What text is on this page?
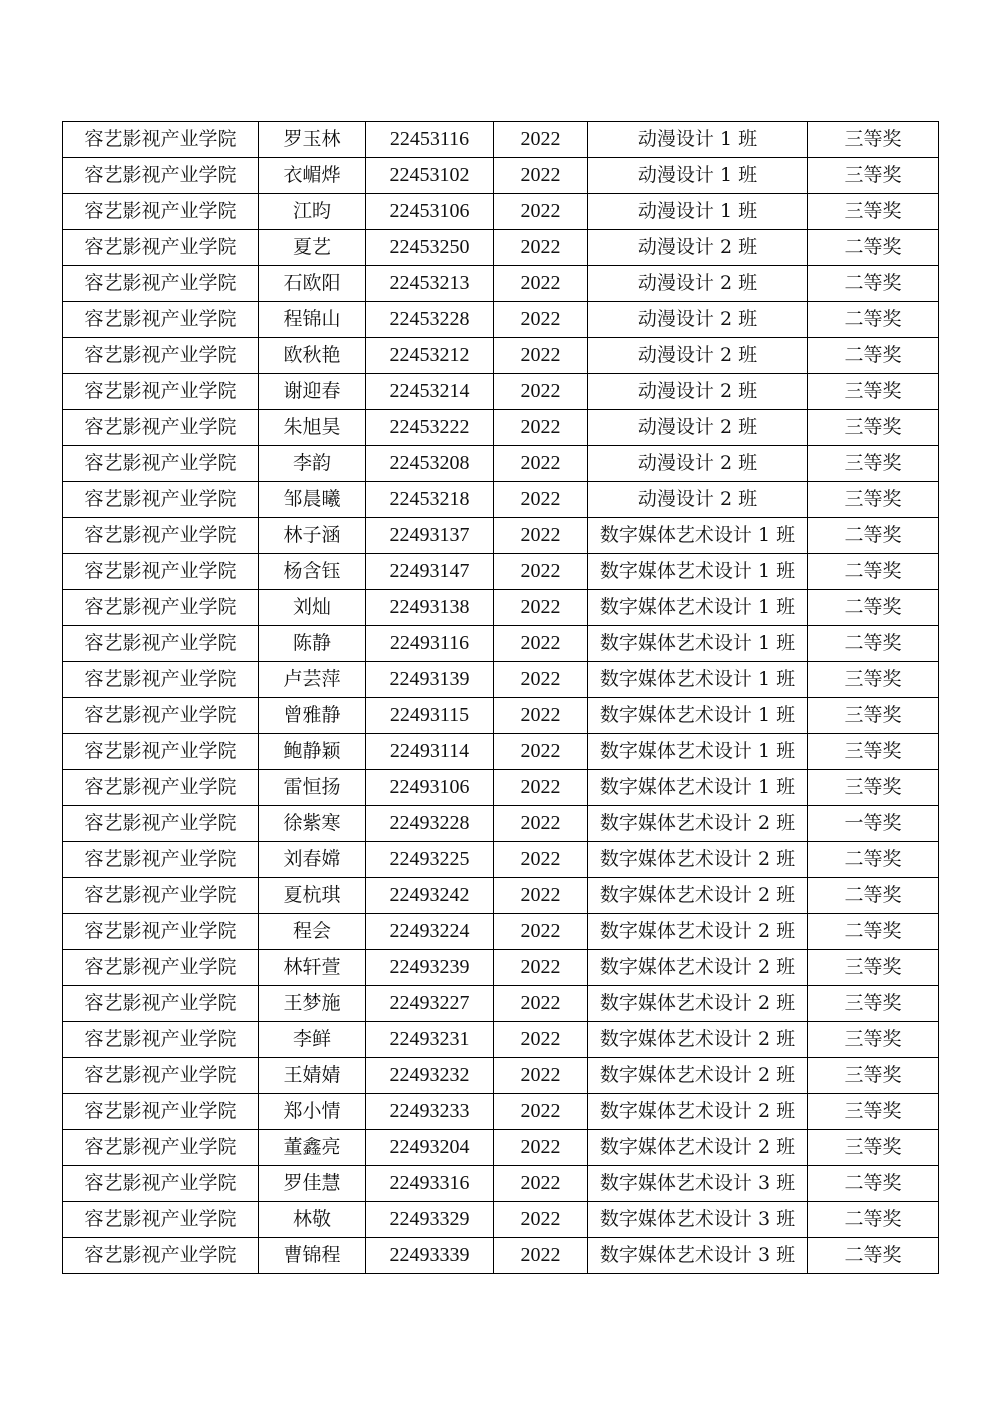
容艺影视产业学院	罗玉林	22453116	2022	动漫设计 1 班	三等奖
容艺影视产业学院	衣嵋烨	22453102	2022	动漫设计 1 班	三等奖
容艺影视产业学院	江昀	22453106	2022	动漫设计 1 班	三等奖
容艺影视产业学院	夏艺	22453250	2022	动漫设计 2 班	二等奖
容艺影视产业学院	石欧阳	22453213	2022	动漫设计 2 班	二等奖
容艺影视产业学院	程锦山	22453228	2022	动漫设计 2 班	二等奖
容艺影视产业学院	欧秋艳	22453212	2022	动漫设计 2 班	二等奖
容艺影视产业学院	谢迎春	22453214	2022	动漫设计 2 班	三等奖
容艺影视产业学院	朱旭昊	22453222	2022	动漫设计 2 班	三等奖
容艺影视产业学院	李韵	22453208	2022	动漫设计 2 班	三等奖
容艺影视产业学院	邹晨曦	22453218	2022	动漫设计 2 班	三等奖
容艺影视产业学院	林子涵	22493137	2022	数字媒体艺术设计 1 班	二等奖
容艺影视产业学院	杨含钰	22493147	2022	数字媒体艺术设计 1 班	二等奖
容艺影视产业学院	刘灿	22493138	2022	数字媒体艺术设计 1 班	二等奖
容艺影视产业学院	陈静	22493116	2022	数字媒体艺术设计 1 班	二等奖
容艺影视产业学院	卢芸萍	22493139	2022	数字媒体艺术设计 1 班	三等奖
容艺影视产业学院	曾雅静	22493115	2022	数字媒体艺术设计 1 班	三等奖
容艺影视产业学院	鲍静颖	22493114	2022	数字媒体艺术设计 1 班	三等奖
容艺影视产业学院	雷恒扬	22493106	2022	数字媒体艺术设计 1 班	三等奖
容艺影视产业学院	徐紫寒	22493228	2022	数字媒体艺术设计 2 班	一等奖
容艺影视产业学院	刘春嫦	22493225	2022	数字媒体艺术设计 2 班	二等奖
容艺影视产业学院	夏杭琪	22493242	2022	数字媒体艺术设计 2 班	二等奖
容艺影视产业学院	程会	22493224	2022	数字媒体艺术设计 2 班	二等奖
容艺影视产业学院	林轩萱	22493239	2022	数字媒体艺术设计 2 班	三等奖
容艺影视产业学院	王梦施	22493227	2022	数字媒体艺术设计 2 班	三等奖
容艺影视产业学院	李鲜	22493231	2022	数字媒体艺术设计 2 班	三等奖
容艺影视产业学院	王婧婧	22493232	2022	数字媒体艺术设计 2 班	三等奖
容艺影视产业学院	郑小情	22493233	2022	数字媒体艺术设计 2 班	三等奖
容艺影视产业学院	董鑫亮	22493204	2022	数字媒体艺术设计 2 班	三等奖
容艺影视产业学院	罗佳慧	22493316	2022	数字媒体艺术设计 3 班	二等奖
容艺影视产业学院	林敬	22493329	2022	数字媒体艺术设计 3 班	二等奖
容艺影视产业学院	曹锦程	22493339	2022	数字媒体艺术设计 3 班	二等奖
